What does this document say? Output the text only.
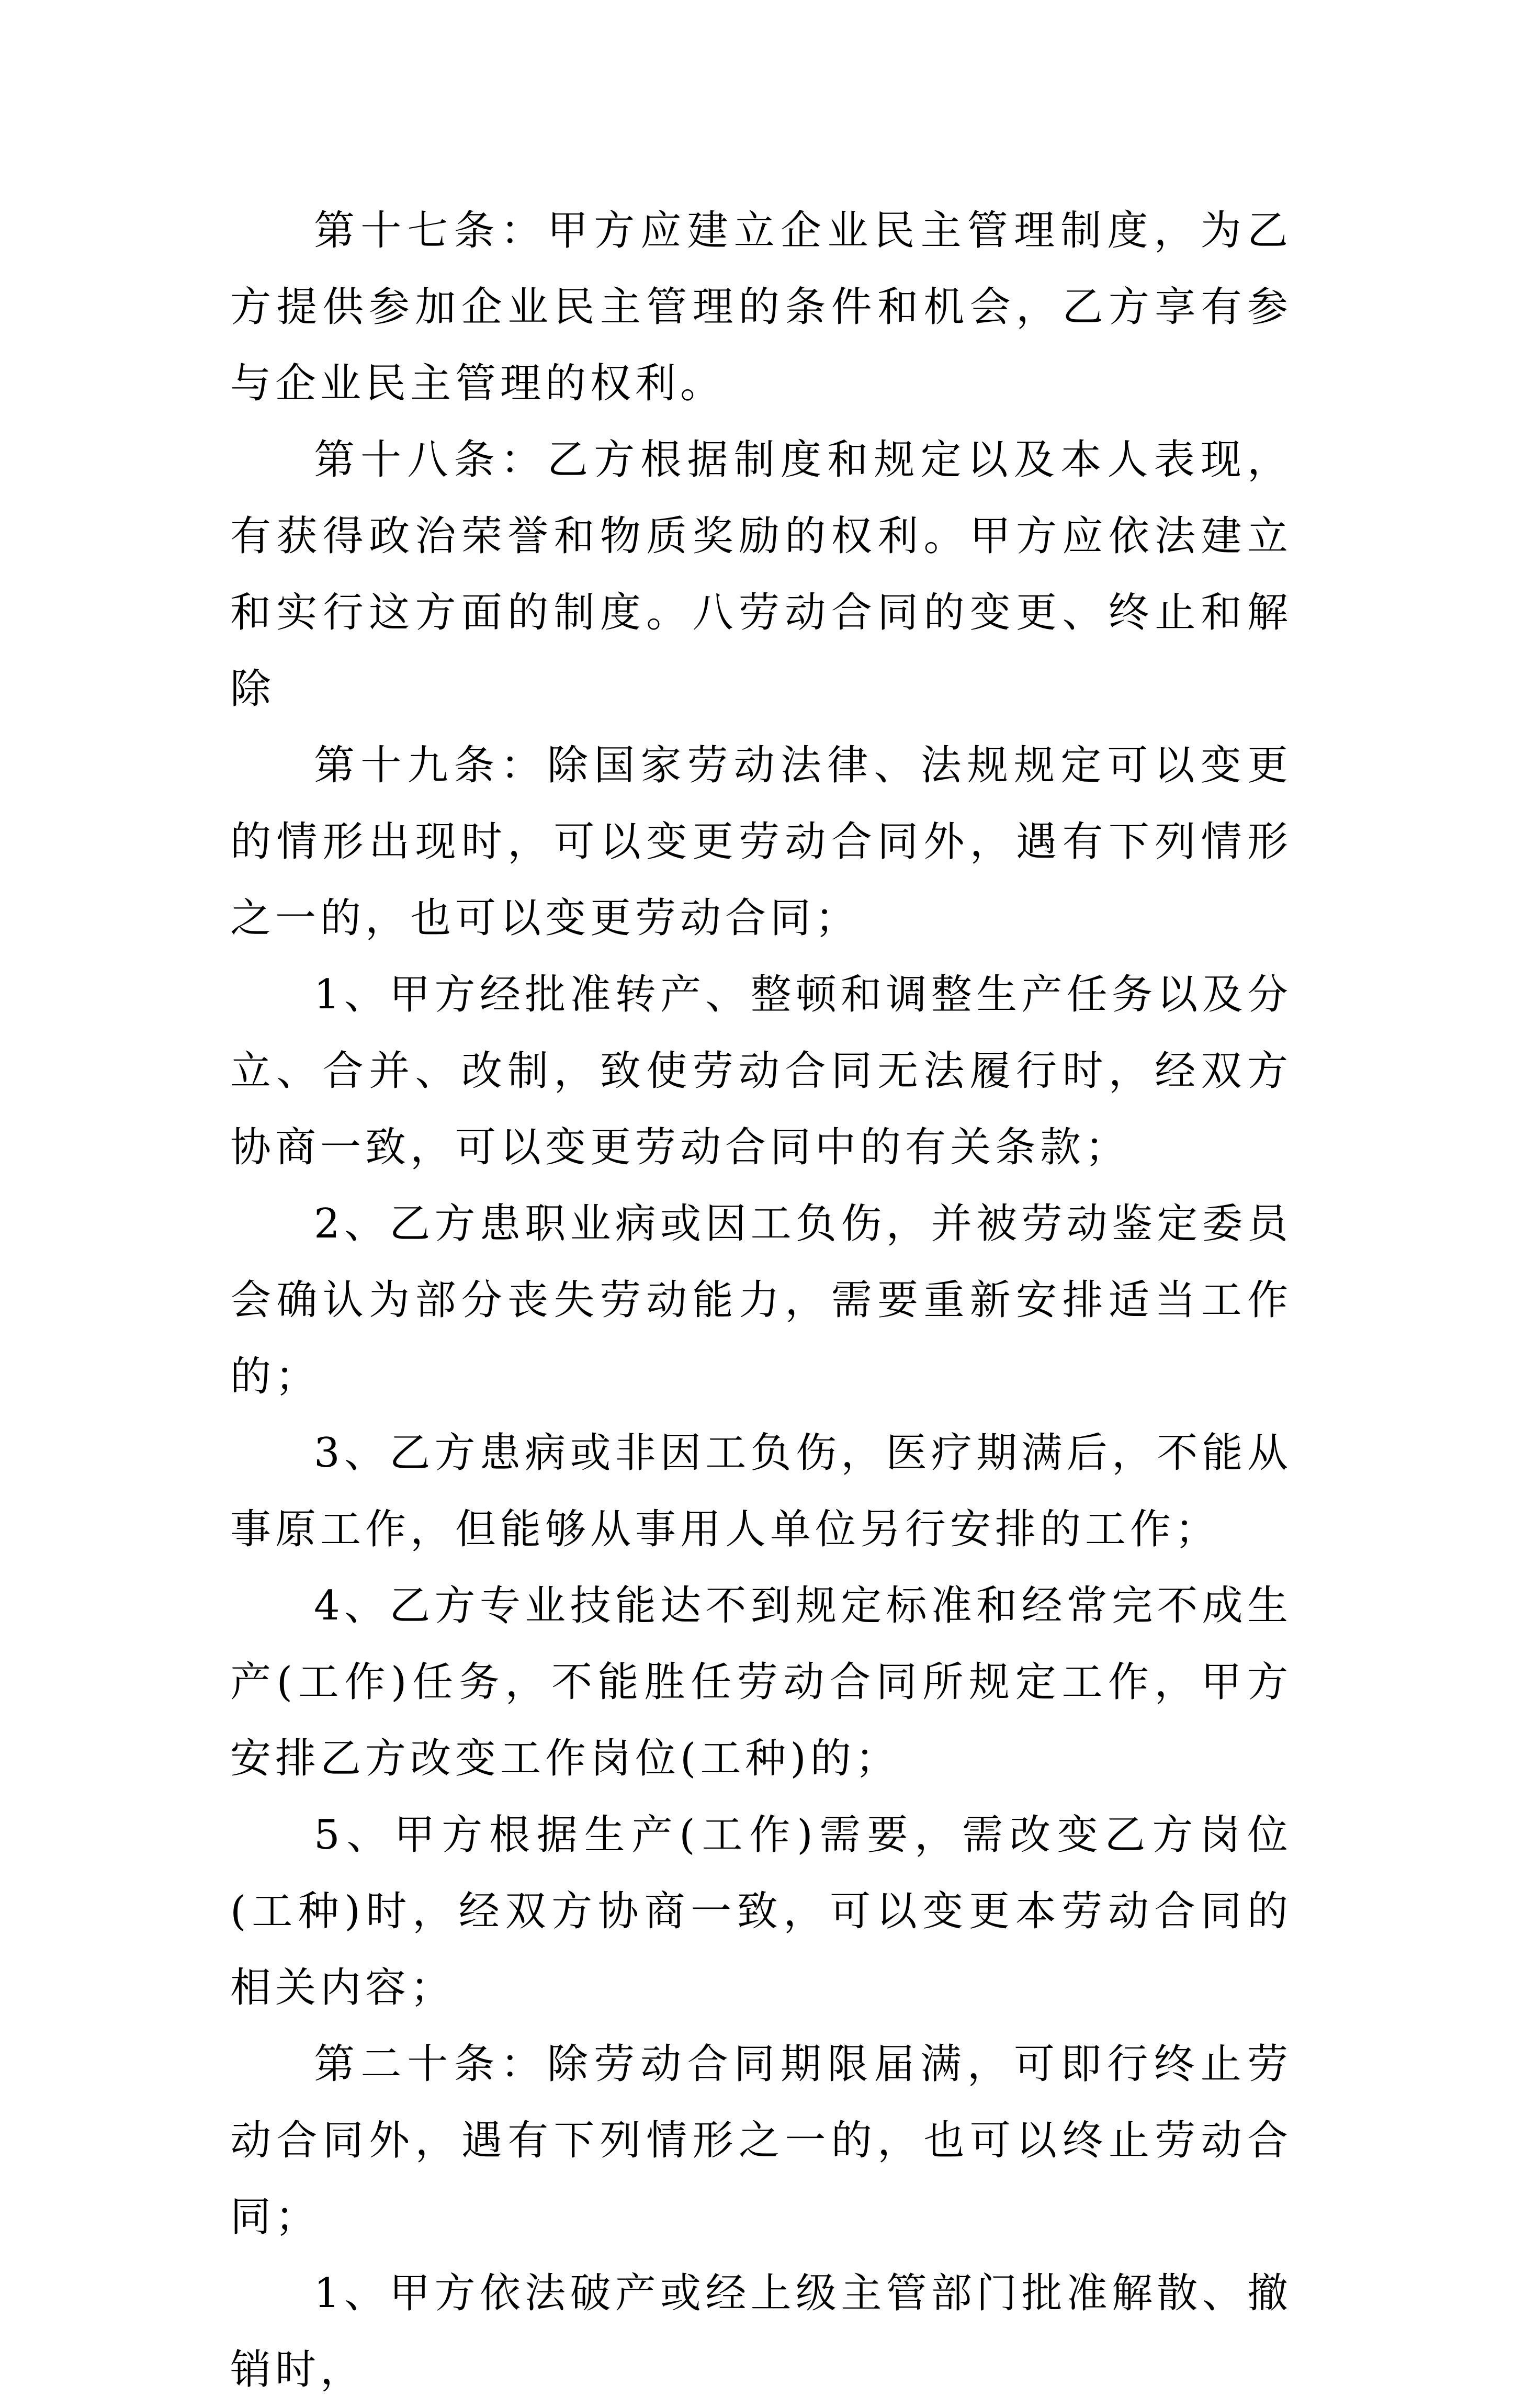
第十七条：甲方应建立企业民主管理制度，为乙方提供参加企业民主管理的条件和机会，乙方享有参与企业民主管理的权利。

第十八条：乙方根据制度和规定以及本人表现，有获得政治荣誉和物质奖励的权利。甲方应依法建立和实行这方面的制度。八劳动合同的变更、终止和解除

第十九条：除国家劳动法律、法规规定可以变更的情形出现时，可以变更劳动合同外，遇有下列情形之一的，也可以变更劳动合同；

1、甲方经批准转产、整顿和调整生产任务以及分立、合并、改制，致使劳动合同无法履行时，经双方协商一致，可以变更劳动合同中的有关条款；

2、乙方患职业病或因工负伤，并被劳动鉴定委员会确认为部分丧失劳动能力，需要重新安排适当工作的；

3、乙方患病或非因工负伤，医疗期满后，不能从事原工作，但能够从事用人单位另行安排的工作；

4、乙方专业技能达不到规定标准和经常完不成生产(工作)任务，不能胜任劳动合同所规定工作，甲方安排乙方改变工作岗位(工种)的；

5、甲方根据生产(工作)需要，需改变乙方岗位(工种)时，经双方协商一致，可以变更本劳动合同的相关内容；

第二十条：除劳动合同期限届满，可即行终止劳动合同外，遇有下列情形之一的，也可以终止劳动合同；

1、甲方依法破产或经上级主管部门批准解散、撤销时，
